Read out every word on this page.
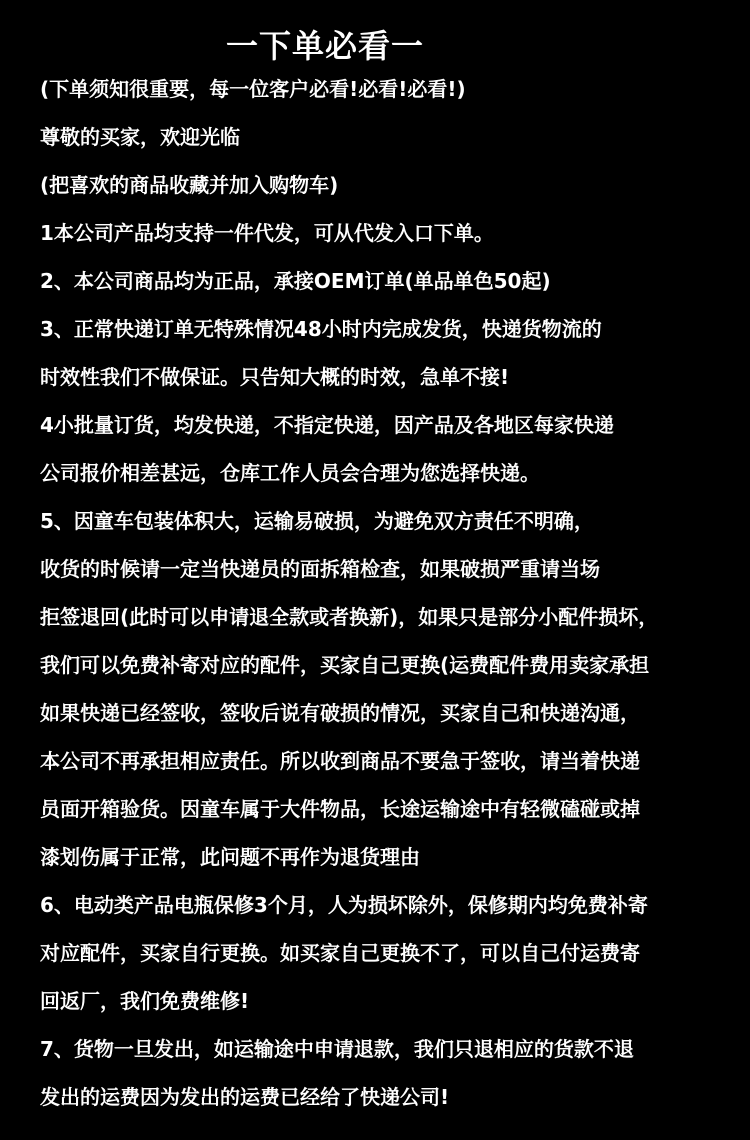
一下单必看一
(下单须知很重要，每一位客户必看!必看!必看!)
尊敬的买家，欢迎光临
(把喜欢的商品收藏并加入购物车)
1本公司产品均支持一件代发，可从代发入口下单。
2、本公司商品均为正品，承接OEM订单(单品单色50起)
3、正常快递订单无特殊情况48小时内完成发货，快递货物流的
时效性我们不做保证。只告知大概的时效，急单不接!
4小批量订货，均发快递，不指定快递，因产品及各地区每家快递
公司报价相差甚远，仓库工作人员会合理为您选择快递。
5、因童车包装体积大，运输易破损，为避免双方责任不明确，
收货的时候请一定当快递员的面拆箱检查，如果破损严重请当场
拒签退回(此时可以申请退全款或者换新)，如果只是部分小配件损坏，
我们可以免费补寄对应的配件，买家自己更换(运费配件费用卖家承担
如果快递已经签收，签收后说有破损的情况，买家自己和快递沟通，
本公司不再承担相应责任。所以收到商品不要急于签收，请当着快递
员面开箱验货。因童车属于大件物品，长途运输途中有轻微磕碰或掉
漆划伤属于正常，此问题不再作为退货理由
6、电动类产品电瓶保修3个月，人为损坏除外，保修期内均免费补寄
对应配件，买家自行更换。如买家自己更换不了，可以自己付运费寄
回返厂，我们免费维修!
7、货物一旦发出，如运输途中申请退款，我们只退相应的货款不退
发出的运费因为发出的运费已经给了快递公司!
